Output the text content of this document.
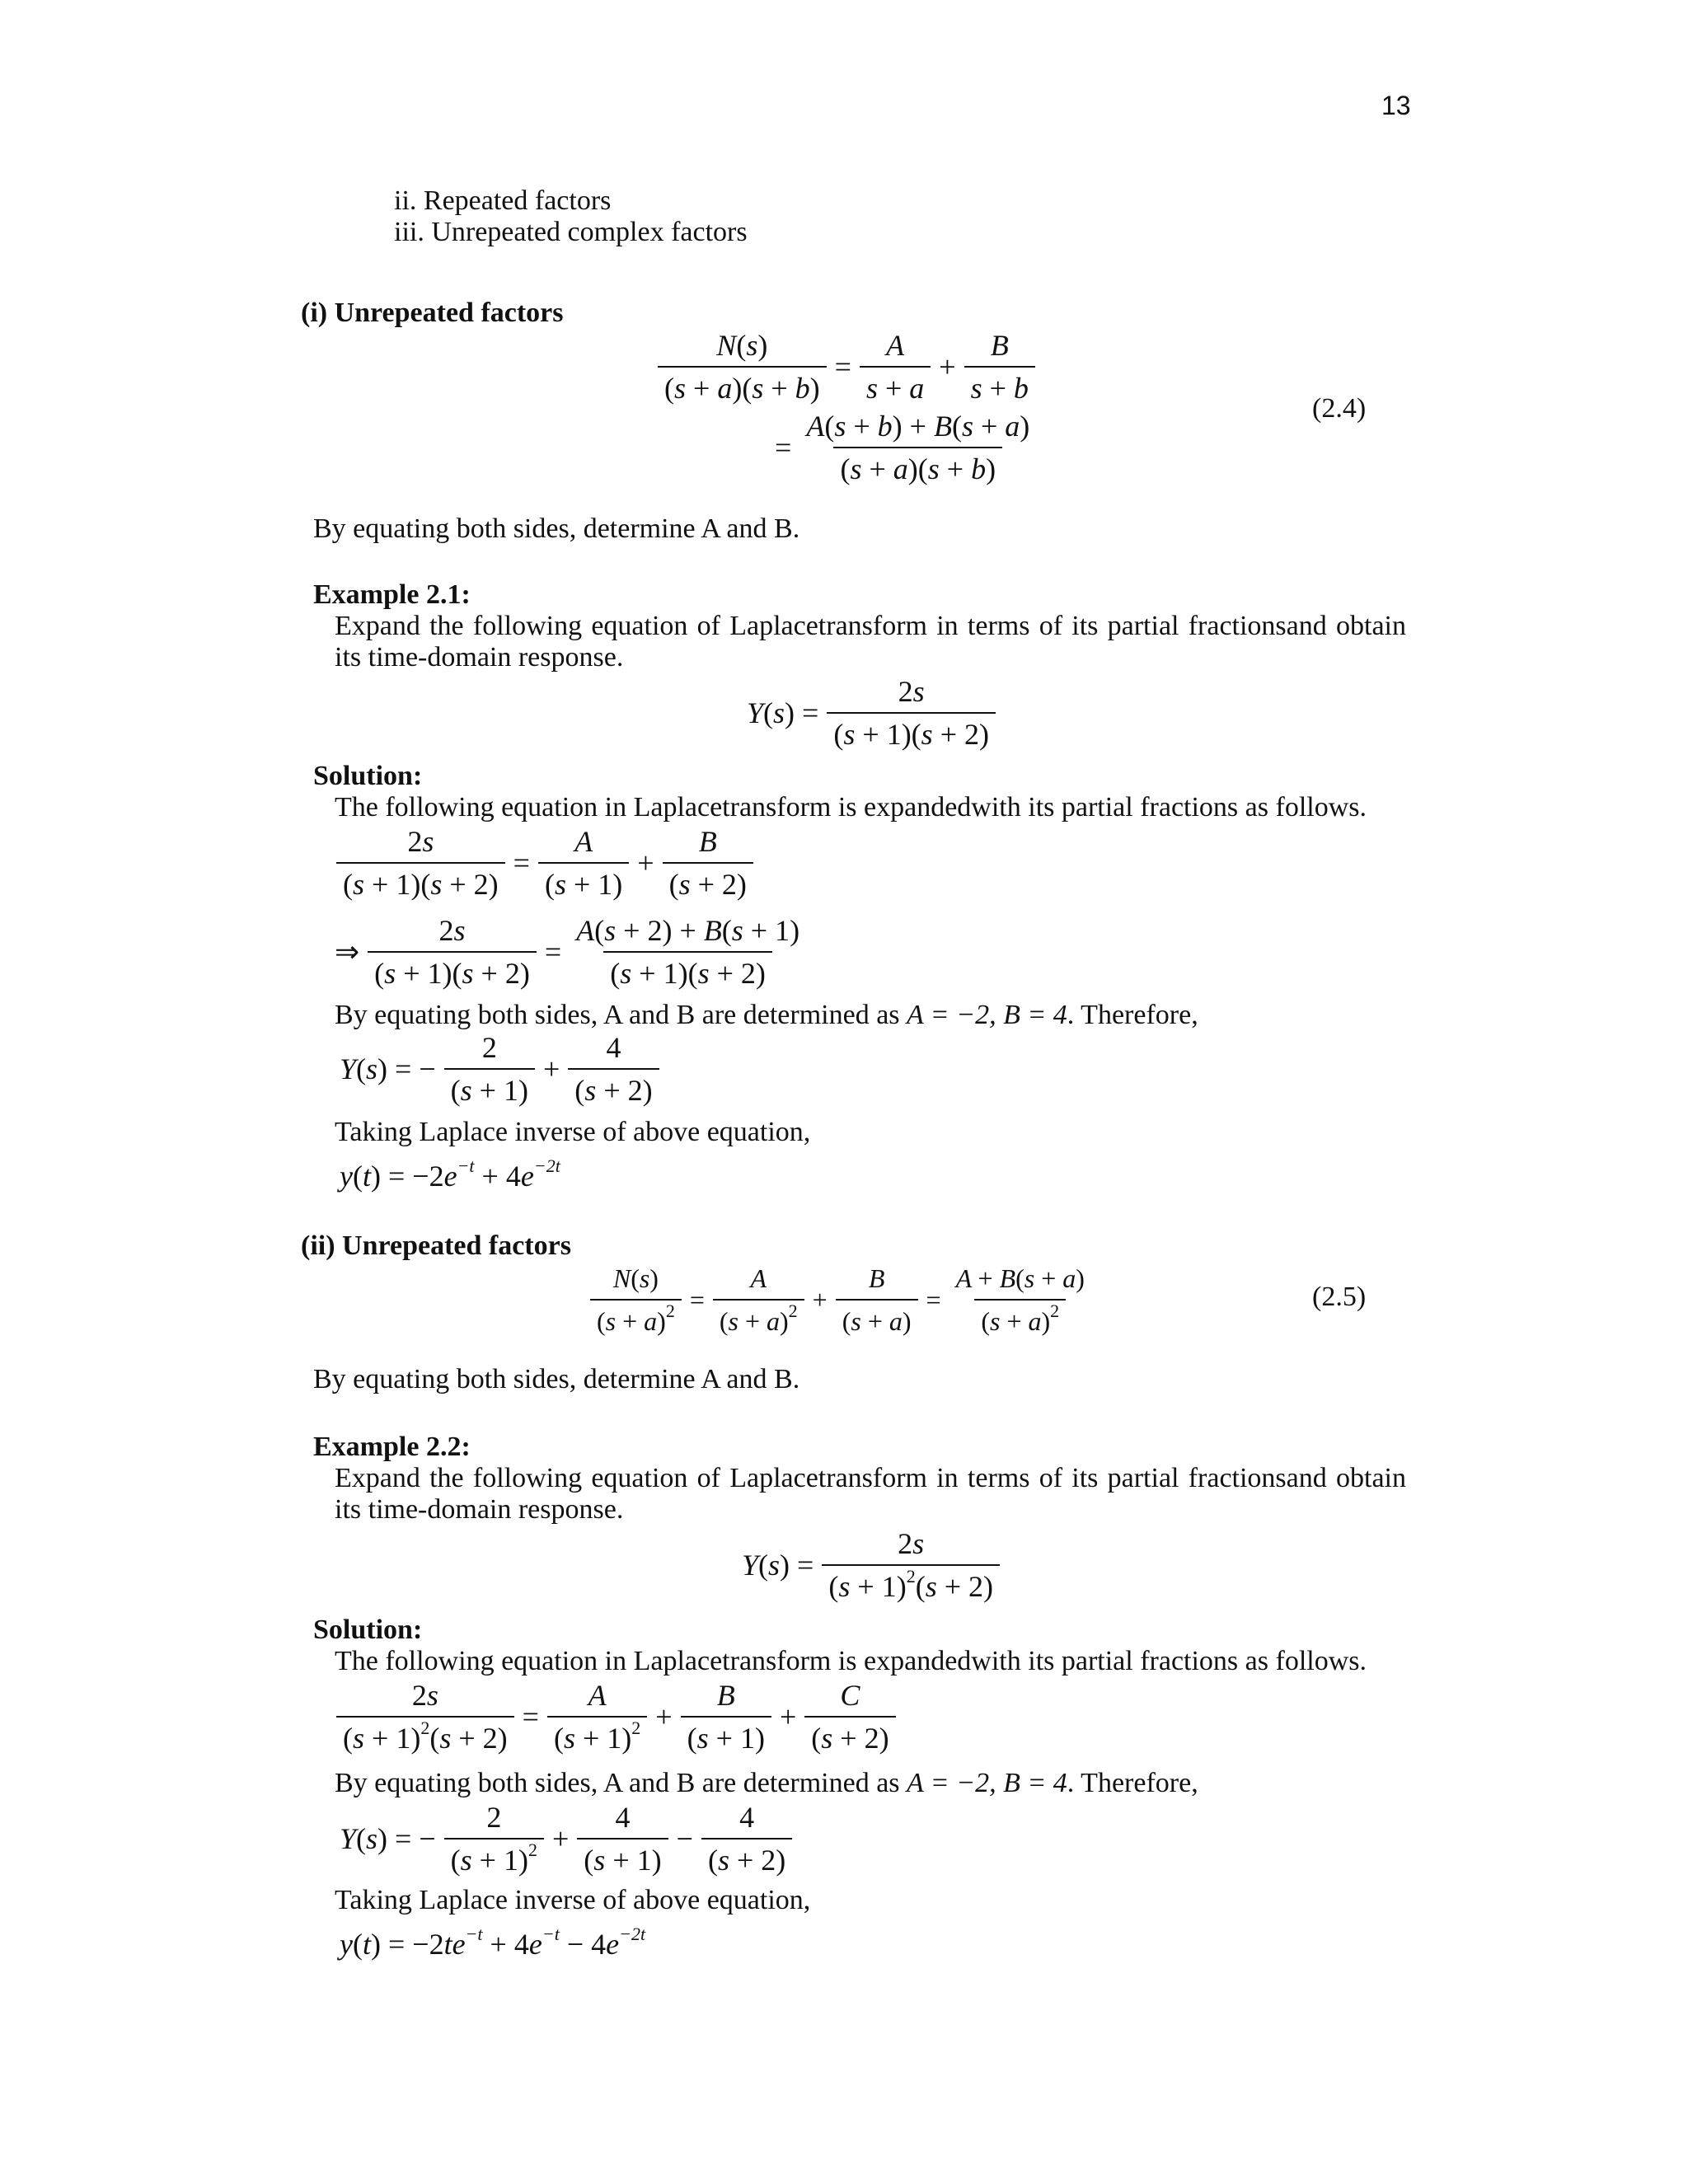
13
ii. Repeated factors
iii. Unrepeated complex factors
(i) Unrepeated factors
$\frac{N(s)}{(s + a)(s + b)} = \frac{A}{s + a} + \frac{B}{s + b}$
= $\frac{A(s + b) + B(s + a)}{(s + a)(s + b)}$
(2.4)
By equating both sides, determine A and B.
Example 2.1:
Expand the following equation of Laplacetransform in terms of its partial fractionsand obtain
its time-domain response.
$Y(s) = \frac{2s}{(s + 1)(s + 2)}$
Solution:
The following equation in Laplacetransform is expandedwith its partial fractions as follows.
$\frac{2s}{(s + 1)(s + 2)} = \frac{A}{(s + 1)} + \frac{B}{(s + 2)}$
⇒ $\frac{2s}{(s + 1)(s + 2)} = \frac{A(s + 2) + B(s + 1)}{(s + 1)(s + 2)}$
By equating both sides, A and B are determined as A = −2, B = 4. Therefore,
Y(s) = − $\frac{2}{(s + 1)} + \frac{4}{(s + 2)}$
Taking Laplace inverse of above equation,
$y(t) = -2e^{-t} + 4e^{-2t}$
(ii) Unrepeated factors
$\frac{N(s)}{(s + a)^2} = \frac{A}{(s + a)^2} + \frac{B}{(s + a)} = \frac{A + B(s + a)}{(s + a)^2}$	(2.5)
By equating both sides, determine A and B.
Example 2.2:
Expand the following equation of Laplacetransform in terms of its partial fractionsand obtain
its time-domain response.
$Y(s) = \frac{2s}{(s + 1)^2(s + 2)}$
Solution:
The following equation in Laplacetransform is expandedwith its partial fractions as follows.
$\frac{2s}{(s + 1)^2(s + 2)} = \frac{A}{(s + 1)^2} + \frac{B}{(s + 1)} + \frac{C}{(s + 2)}$
By equating both sides, A and B are determined as A = −2, B = 4. Therefore,
Y(s) = − $\frac{2}{(s + 1)^2} + \frac{4}{(s + 1)} - \frac{4}{(s + 2)}$
Taking Laplace inverse of above equation,
$y(t) = -2te^{-t} + 4e^{-t} - 4e^{-2t}$
